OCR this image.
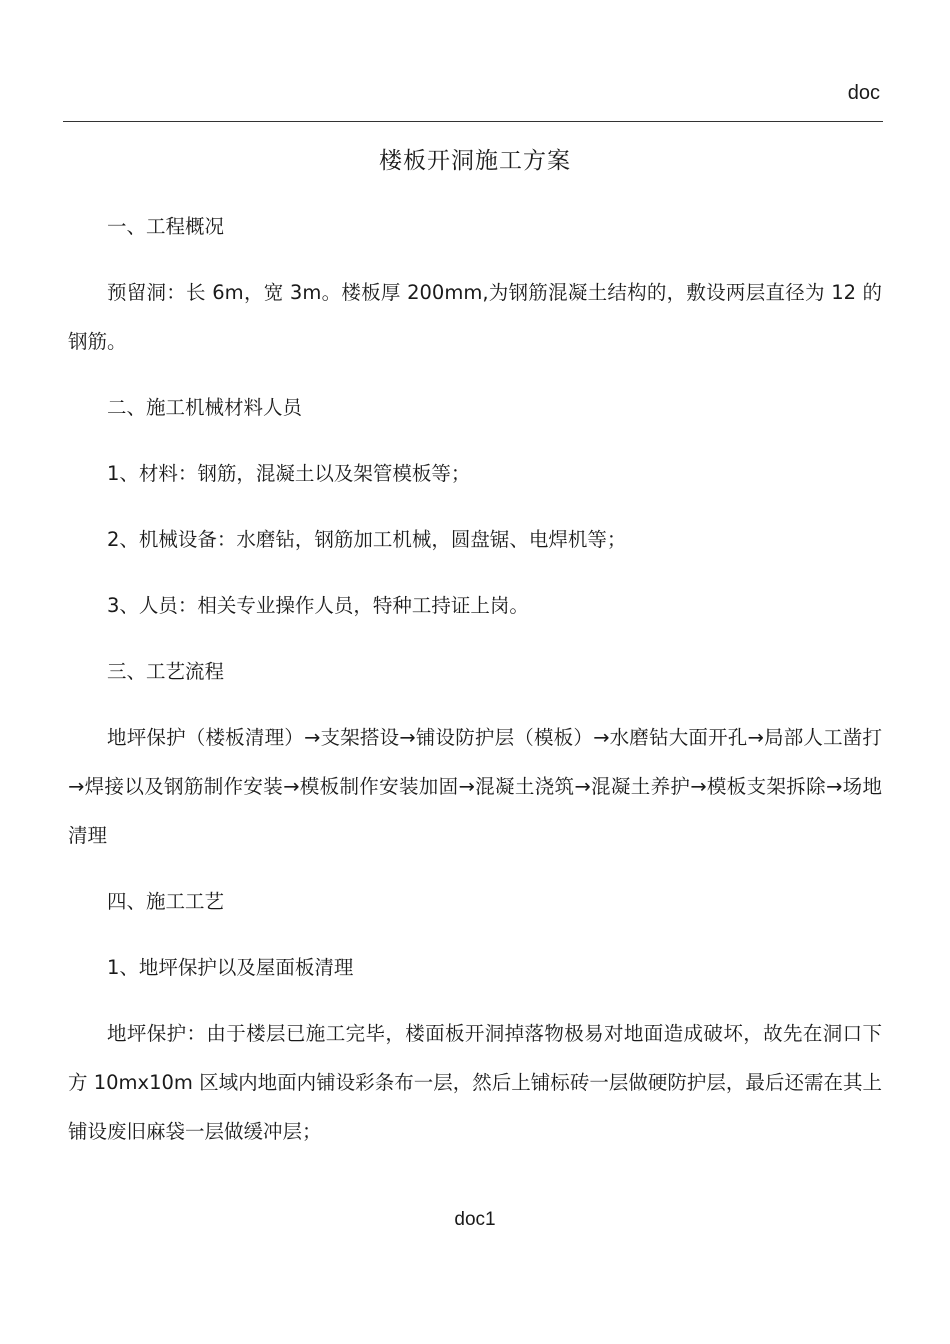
doc
楼板开洞施工方案

一、工程概况

预留洞：长 6m，宽 3m。楼板厚 200mm,为钢筋混凝土结构的，敷设两层直径为 12 的钢筋。

二、施工机械材料人员

1、材料：钢筋，混凝土以及架管模板等；

2、机械设备：水磨钻，钢筋加工机械，圆盘锯、电焊机等；

3、人员：相关专业操作人员，特种工持证上岗。

三、工艺流程

地坪保护（楼板清理）→支架搭设→铺设防护层（模板）→水磨钻大面开孔→局部人工凿打→焊接以及钢筋制作安装→模板制作安装加固→混凝土浇筑→混凝土养护→模板支架拆除→场地清理

四、施工工艺

1、地坪保护以及屋面板清理

地坪保护：由于楼层已施工完毕，楼面板开洞掉落物极易对地面造成破坏，故先在洞口下方 10mx10m 区域内地面内铺设彩条布一层，然后上铺标砖一层做硬防护层，最后还需在其上铺设废旧麻袋一层做缓冲层；

doc1
